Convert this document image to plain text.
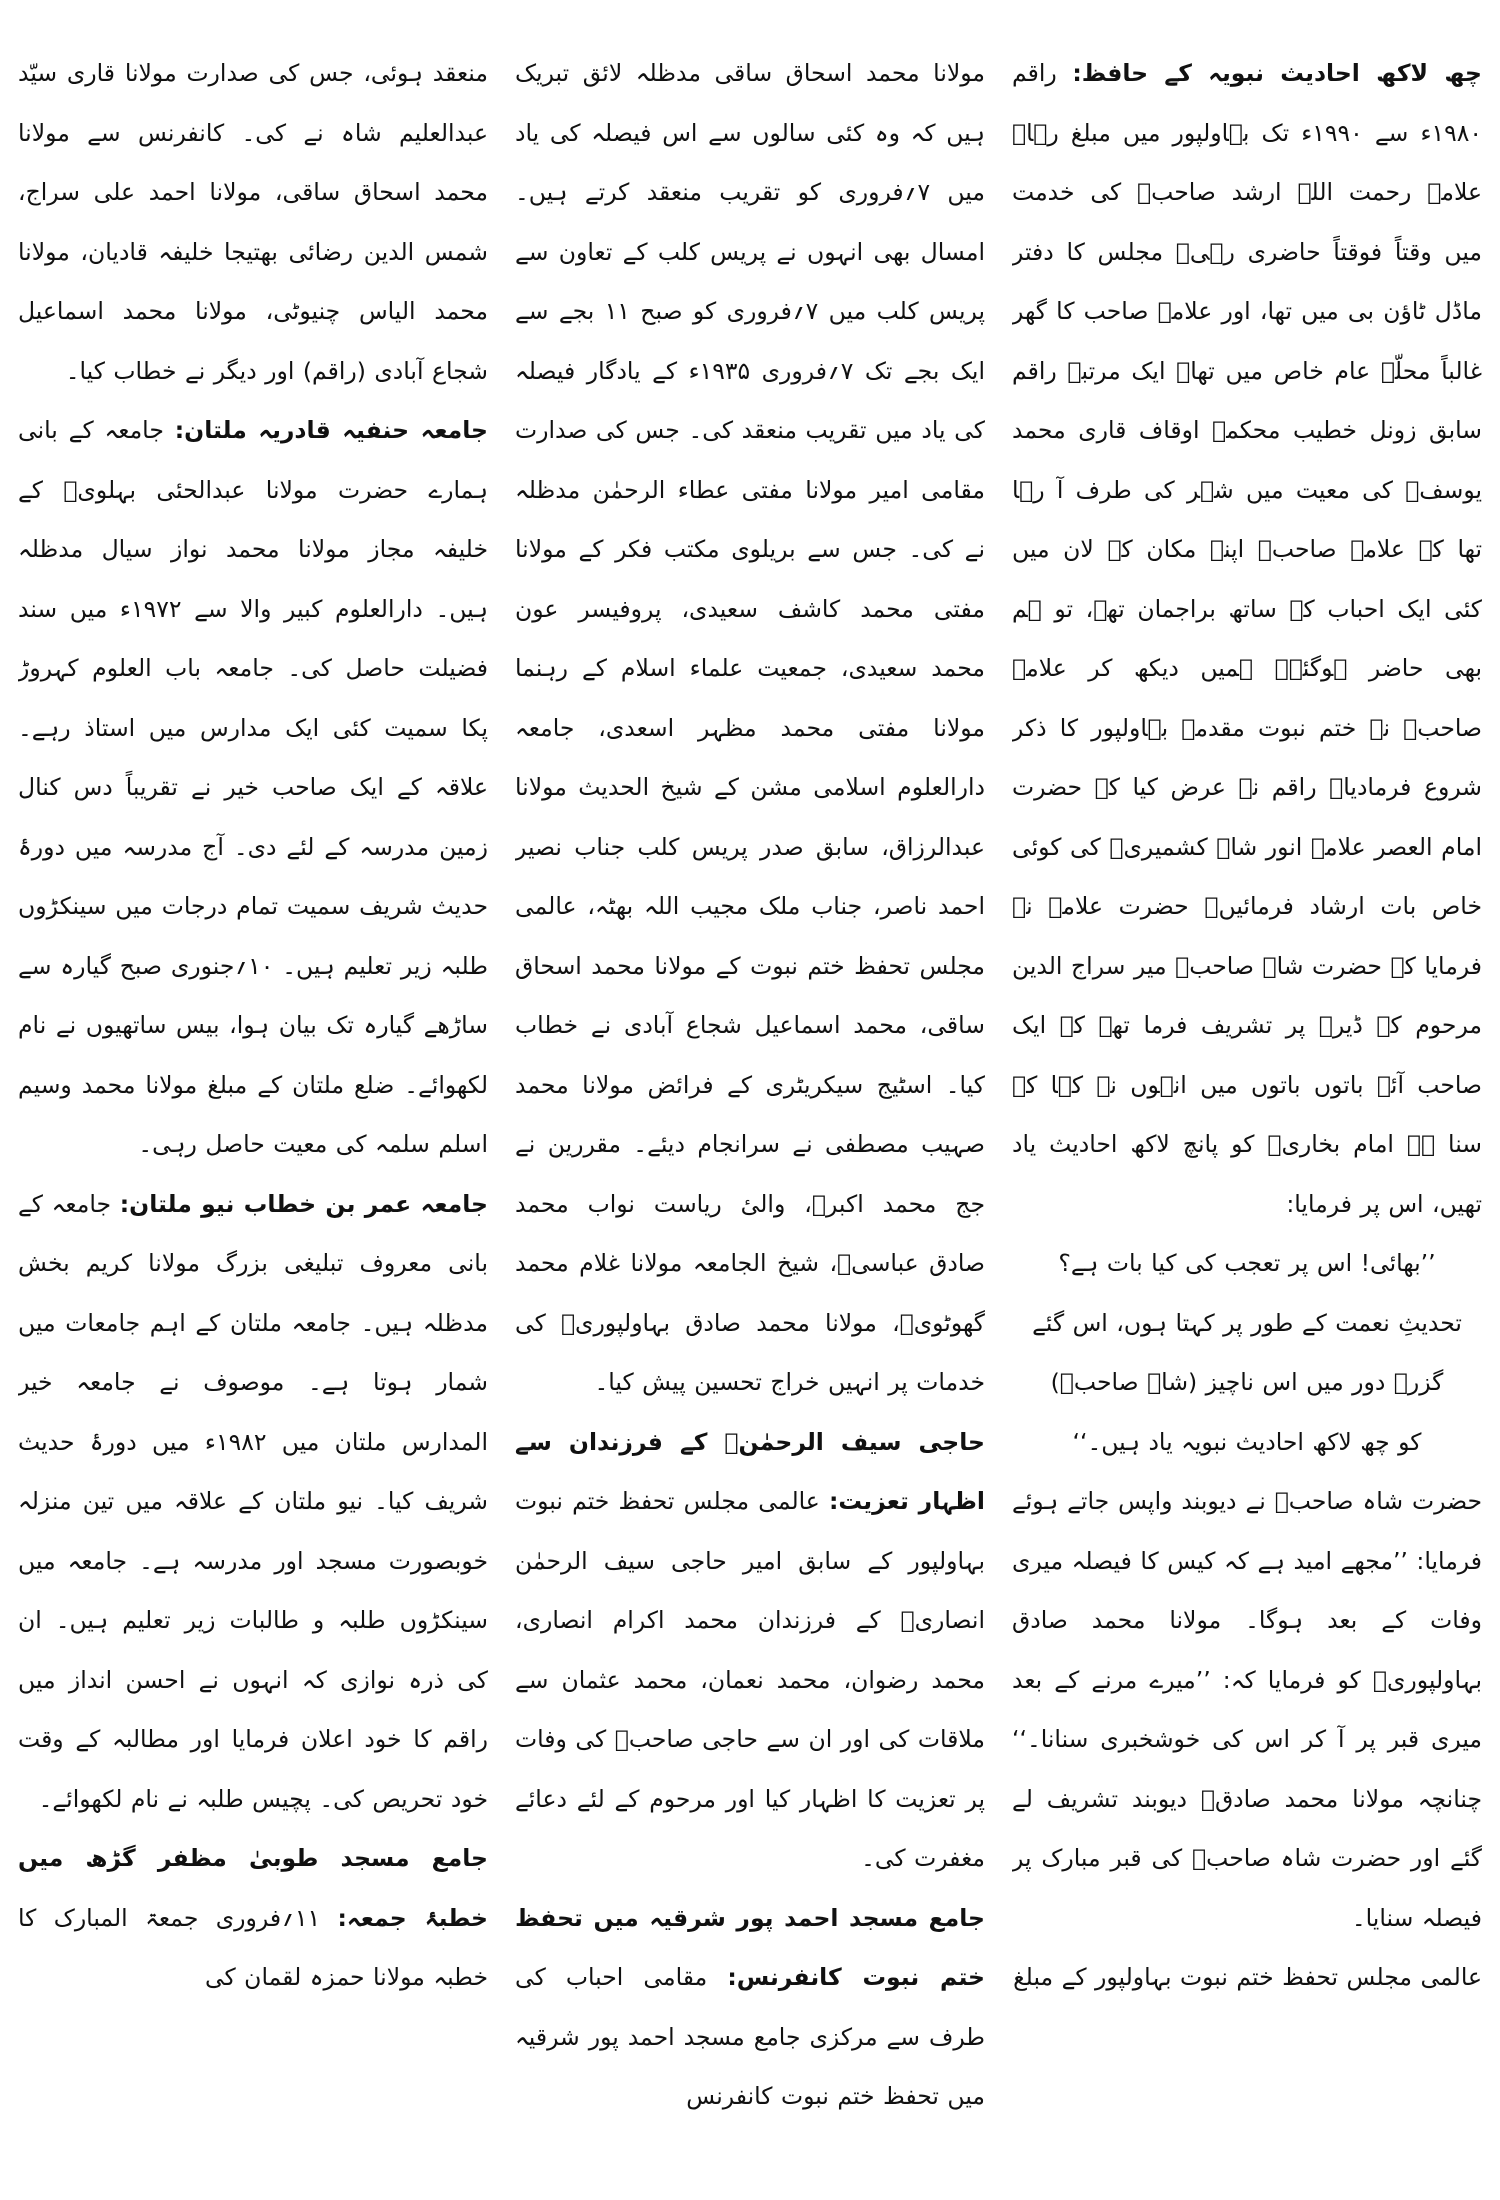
چھ لاکھ احادیث نبویہ کے حافظ: راقم ۱۹۸۰ء سے ۱۹۹۰ء تک بہاولپور میں مبلغ رہا۔ علامہ رحمت اللہ ارشد صاحبؒ کی خدمت میں وقتاً فوقتاً حاضری رہی۔ مجلس کا دفتر ماڈل ٹاؤن بی میں تھا، اور علامہ صاحب کا گھر غالباً محلّہ عام خاص میں تھا۔ ایک مرتبہ راقم سابق زونل خطیب محکمۂ اوقاف قاری محمد یوسفؒ کی معیت میں شہر کی طرف آ رہا تھا کہ علامہ صاحبؒ اپنے مکان کے لان میں کئی ایک احباب کے ساتھ براجمان تھے، تو ہم بھی حاضر ہوگئے۔ ہمیں دیکھ کر علامہ صاحبؒ نے ختم نبوت مقدمہ بہاولپور کا ذکر شروع فرمادیا۔ راقم نے عرض کیا کہ حضرت امام العصر علامہ انور شاہ کشمیریؒ کی کوئی خاص بات ارشاد فرمائیں۔ حضرت علامہ نے فرمایا کہ حضرت شاہ صاحبؒ میر سراج الدین مرحوم کے ڈیرہ پر تشریف فرما تھے کہ ایک صاحب آئے باتوں باتوں میں انہوں نے کہا کہ سنا ہے امام بخاریؒ کو پانچ لاکھ احادیث یاد تھیں، اس پر فرمایا:

’’بھائی! اس پر تعجب کی کیا بات ہے؟
تحدیثِ نعمت کے طور پر کہتا ہوں، اس گئے
گزرے دور میں اس ناچیز (شاہ صاحبؒ)
کو چھ لاکھ احادیث نبویہ یاد ہیں۔‘‘

حضرت شاہ صاحبؒ نے دیوبند واپس جاتے ہوئے فرمایا: ’’مجھے امید ہے کہ کیس کا فیصلہ میری وفات کے بعد ہوگا۔ مولانا محمد صادق بہاولپوریؒ کو فرمایا کہ: ’’میرے مرنے کے بعد میری قبر پر آ کر اس کی خوشخبری سنانا۔‘‘ چنانچہ مولانا محمد صادقؒ دیوبند تشریف لے گئے اور حضرت شاہ صاحبؒ کی قبر مبارک پر فیصلہ سنایا۔

عالمی مجلس تحفظ ختم نبوت بہاولپور کے مبلغ

مولانا محمد اسحاق ساقی مدظلہ لائق تبریک ہیں کہ وہ کئی سالوں سے اس فیصلہ کی یاد میں ۷؍فروری کو تقریب منعقد کرتے ہیں۔ امسال بھی انہوں نے پریس کلب کے تعاون سے پریس کلب میں ۷؍فروری کو صبح ۱۱ بجے سے ایک بجے تک ۷؍فروری ۱۹۳۵ء کے یادگار فیصلہ کی یاد میں تقریب منعقد کی۔ جس کی صدارت مقامی امیر مولانا مفتی عطاء الرحمٰن مدظلہ نے کی۔ جس سے بریلوی مکتب فکر کے مولانا مفتی محمد کاشف سعیدی، پروفیسر عون محمد سعیدی، جمعیت علماء اسلام کے رہنما مولانا مفتی محمد مظہر اسعدی، جامعہ دارالعلوم اسلامی مشن کے شیخ الحدیث مولانا عبدالرزاق، سابق صدر پریس کلب جناب نصیر احمد ناصر، جناب ملک مجیب اللہ بھٹہ، عالمی مجلس تحفظ ختم نبوت کے مولانا محمد اسحاق ساقی، محمد اسماعیل شجاع آبادی نے خطاب کیا۔ اسٹیج سیکریٹری کے فرائض مولانا محمد صہیب مصطفی نے سرانجام دیئے۔ مقررین نے جج محمد اکبرؒ، والیٔ ریاست نواب محمد صادق عباسیؒ، شیخ الجامعہ مولانا غلام محمد گھوٹویؒ، مولانا محمد صادق بہاولپوریؒ کی خدمات پر انہیں خراج تحسین پیش کیا۔

حاجی سیف الرحمٰنؒ کے فرزندان سے اظہار تعزیت: عالمی مجلس تحفظ ختم نبوت بہاولپور کے سابق امیر حاجی سیف الرحمٰن انصاریؒ کے فرزندان محمد اکرام انصاری، محمد رضوان، محمد نعمان، محمد عثمان سے ملاقات کی اور ان سے حاجی صاحبؒ کی وفات پر تعزیت کا اظہار کیا اور مرحوم کے لئے دعائے مغفرت کی۔

جامع مسجد احمد پور شرقیہ میں تحفظ ختم نبوت کانفرنس: مقامی احباب کی طرف سے مرکزی جامع مسجد احمد پور شرقیہ میں تحفظ ختم نبوت کانفرنس

منعقد ہوئی، جس کی صدارت مولانا قاری سیّد عبدالعلیم شاہ نے کی۔ کانفرنس سے مولانا محمد اسحاق ساقی، مولانا احمد علی سراج، شمس الدین رضائی بھتیجا خلیفہ قادیان، مولانا محمد الیاس چنیوٹی، مولانا محمد اسماعیل شجاع آبادی (راقم) اور دیگر نے خطاب کیا۔

جامعہ حنفیہ قادریہ ملتان: جامعہ کے بانی ہمارے حضرت مولانا عبدالحئی بہلویؒ کے خلیفہ مجاز مولانا محمد نواز سیال مدظلہ ہیں۔ دارالعلوم کبیر والا سے ۱۹۷۲ء میں سند فضیلت حاصل کی۔ جامعہ باب العلوم کہروڑ پکا سمیت کئی ایک مدارس میں استاذ رہے۔ علاقہ کے ایک صاحب خیر نے تقریباً دس کنال زمین مدرسہ کے لئے دی۔ آج مدرسہ میں دورۂ حدیث شریف سمیت تمام درجات میں سینکڑوں طلبہ زیر تعلیم ہیں۔ ۱۰؍جنوری صبح گیارہ سے ساڑھے گیارہ تک بیان ہوا، بیس ساتھیوں نے نام لکھوائے۔ ضلع ملتان کے مبلغ مولانا محمد وسیم اسلم سلمہ کی معیت حاصل رہی۔

جامعہ عمر بن خطاب نیو ملتان: جامعہ کے بانی معروف تبلیغی بزرگ مولانا کریم بخش مدظلہ ہیں۔ جامعہ ملتان کے اہم جامعات میں شمار ہوتا ہے۔ موصوف نے جامعہ خیر المدارس ملتان میں ۱۹۸۲ء میں دورۂ حدیث شریف کیا۔ نیو ملتان کے علاقہ میں تین منزلہ خوبصورت مسجد اور مدرسہ ہے۔ جامعہ میں سینکڑوں طلبہ و طالبات زیر تعلیم ہیں۔ ان کی ذرہ نوازی کہ انہوں نے احسن انداز میں راقم کا خود اعلان فرمایا اور مطالبہ کے وقت خود تحریص کی۔ پچیس طلبہ نے نام لکھوائے۔

جامع مسجد طوبیٰ مظفر گڑھ میں خطبۂ جمعہ: ۱۱؍فروری جمعۃ المبارک کا خطبہ مولانا حمزہ لقمان کی
